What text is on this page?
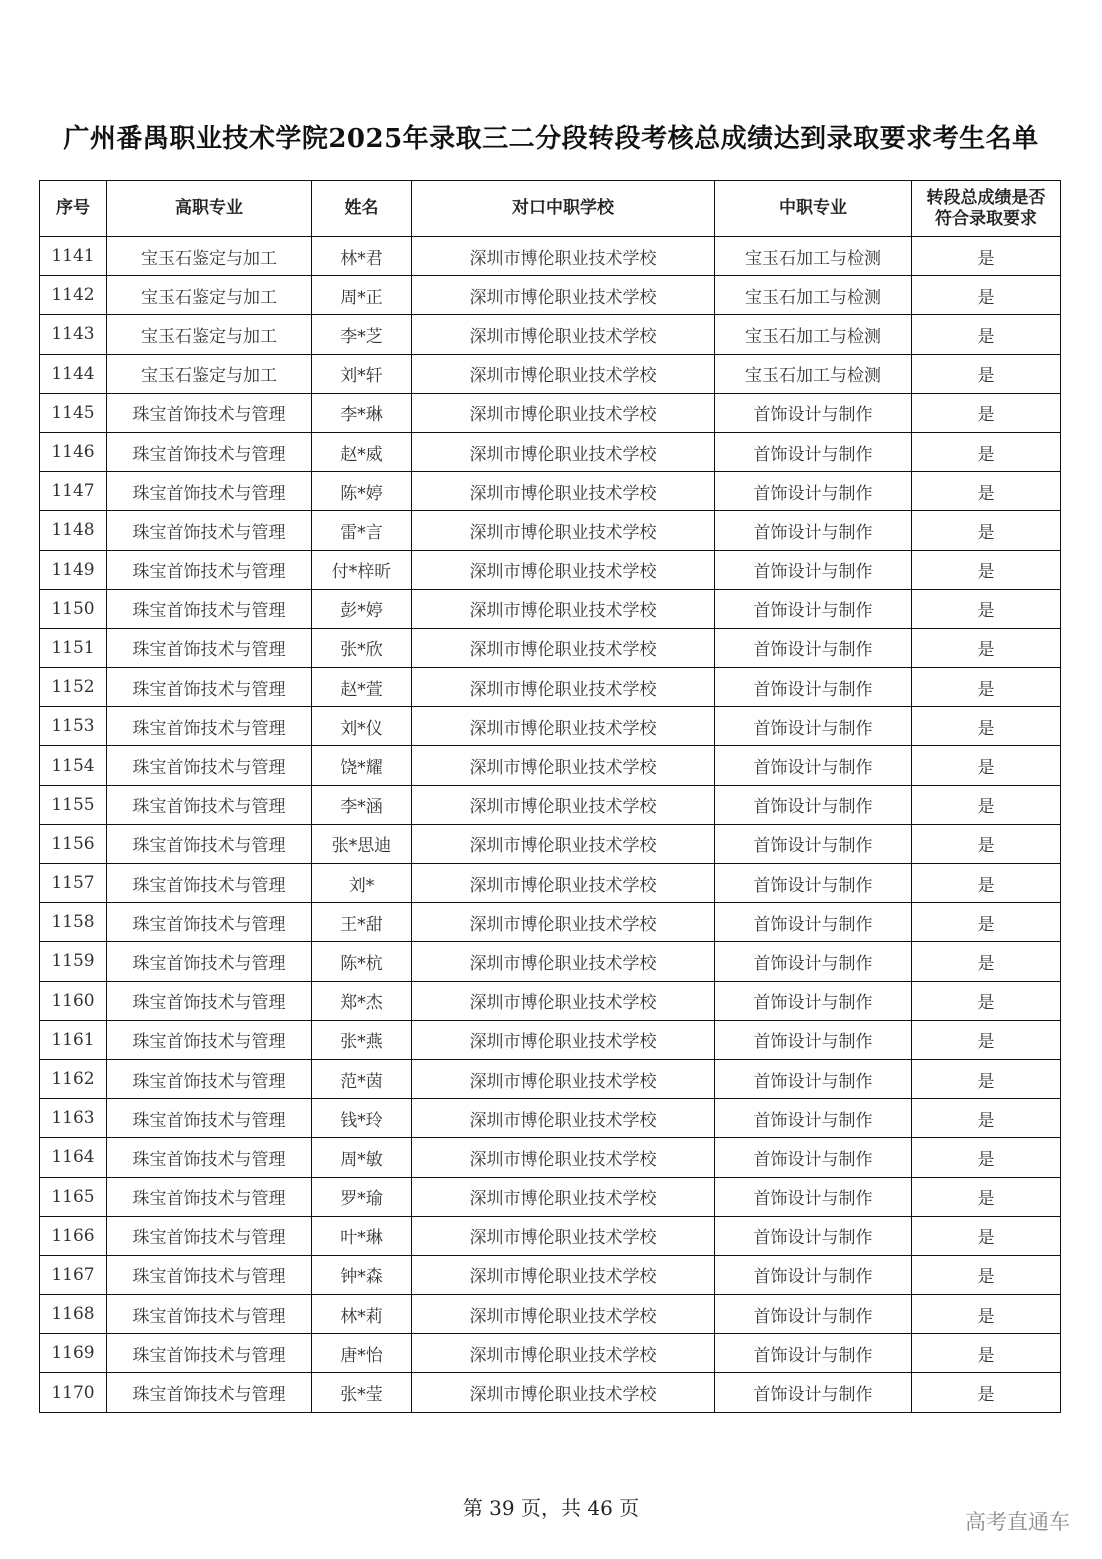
广州番禺职业技术学院2025年录取三二分段转段考核总成绩达到录取要求考生名单
序号	高职专业	姓名	对口中职学校	中职专业	转段总成绩是否符合录取要求
1141	宝玉石鉴定与加工	林*君	深圳市博伦职业技术学校	宝玉石加工与检测	是
1142	宝玉石鉴定与加工	周*正	深圳市博伦职业技术学校	宝玉石加工与检测	是
1143	宝玉石鉴定与加工	李*芝	深圳市博伦职业技术学校	宝玉石加工与检测	是
1144	宝玉石鉴定与加工	刘*轩	深圳市博伦职业技术学校	宝玉石加工与检测	是
1145	珠宝首饰技术与管理	李*琳	深圳市博伦职业技术学校	首饰设计与制作	是
1146	珠宝首饰技术与管理	赵*威	深圳市博伦职业技术学校	首饰设计与制作	是
1147	珠宝首饰技术与管理	陈*婷	深圳市博伦职业技术学校	首饰设计与制作	是
1148	珠宝首饰技术与管理	雷*言	深圳市博伦职业技术学校	首饰设计与制作	是
1149	珠宝首饰技术与管理	付*梓昕	深圳市博伦职业技术学校	首饰设计与制作	是
1150	珠宝首饰技术与管理	彭*婷	深圳市博伦职业技术学校	首饰设计与制作	是
1151	珠宝首饰技术与管理	张*欣	深圳市博伦职业技术学校	首饰设计与制作	是
1152	珠宝首饰技术与管理	赵*萱	深圳市博伦职业技术学校	首饰设计与制作	是
1153	珠宝首饰技术与管理	刘*仪	深圳市博伦职业技术学校	首饰设计与制作	是
1154	珠宝首饰技术与管理	饶*耀	深圳市博伦职业技术学校	首饰设计与制作	是
1155	珠宝首饰技术与管理	李*涵	深圳市博伦职业技术学校	首饰设计与制作	是
1156	珠宝首饰技术与管理	张*思迪	深圳市博伦职业技术学校	首饰设计与制作	是
1157	珠宝首饰技术与管理	刘*	深圳市博伦职业技术学校	首饰设计与制作	是
1158	珠宝首饰技术与管理	王*甜	深圳市博伦职业技术学校	首饰设计与制作	是
1159	珠宝首饰技术与管理	陈*杭	深圳市博伦职业技术学校	首饰设计与制作	是
1160	珠宝首饰技术与管理	郑*杰	深圳市博伦职业技术学校	首饰设计与制作	是
1161	珠宝首饰技术与管理	张*燕	深圳市博伦职业技术学校	首饰设计与制作	是
1162	珠宝首饰技术与管理	范*茵	深圳市博伦职业技术学校	首饰设计与制作	是
1163	珠宝首饰技术与管理	钱*玲	深圳市博伦职业技术学校	首饰设计与制作	是
1164	珠宝首饰技术与管理	周*敏	深圳市博伦职业技术学校	首饰设计与制作	是
1165	珠宝首饰技术与管理	罗*瑜	深圳市博伦职业技术学校	首饰设计与制作	是
1166	珠宝首饰技术与管理	叶*琳	深圳市博伦职业技术学校	首饰设计与制作	是
1167	珠宝首饰技术与管理	钟*森	深圳市博伦职业技术学校	首饰设计与制作	是
1168	珠宝首饰技术与管理	林*莉	深圳市博伦职业技术学校	首饰设计与制作	是
1169	珠宝首饰技术与管理	唐*怡	深圳市博伦职业技术学校	首饰设计与制作	是
1170	珠宝首饰技术与管理	张*莹	深圳市博伦职业技术学校	首饰设计与制作	是
第 39 页，共 46 页
高考直通车
